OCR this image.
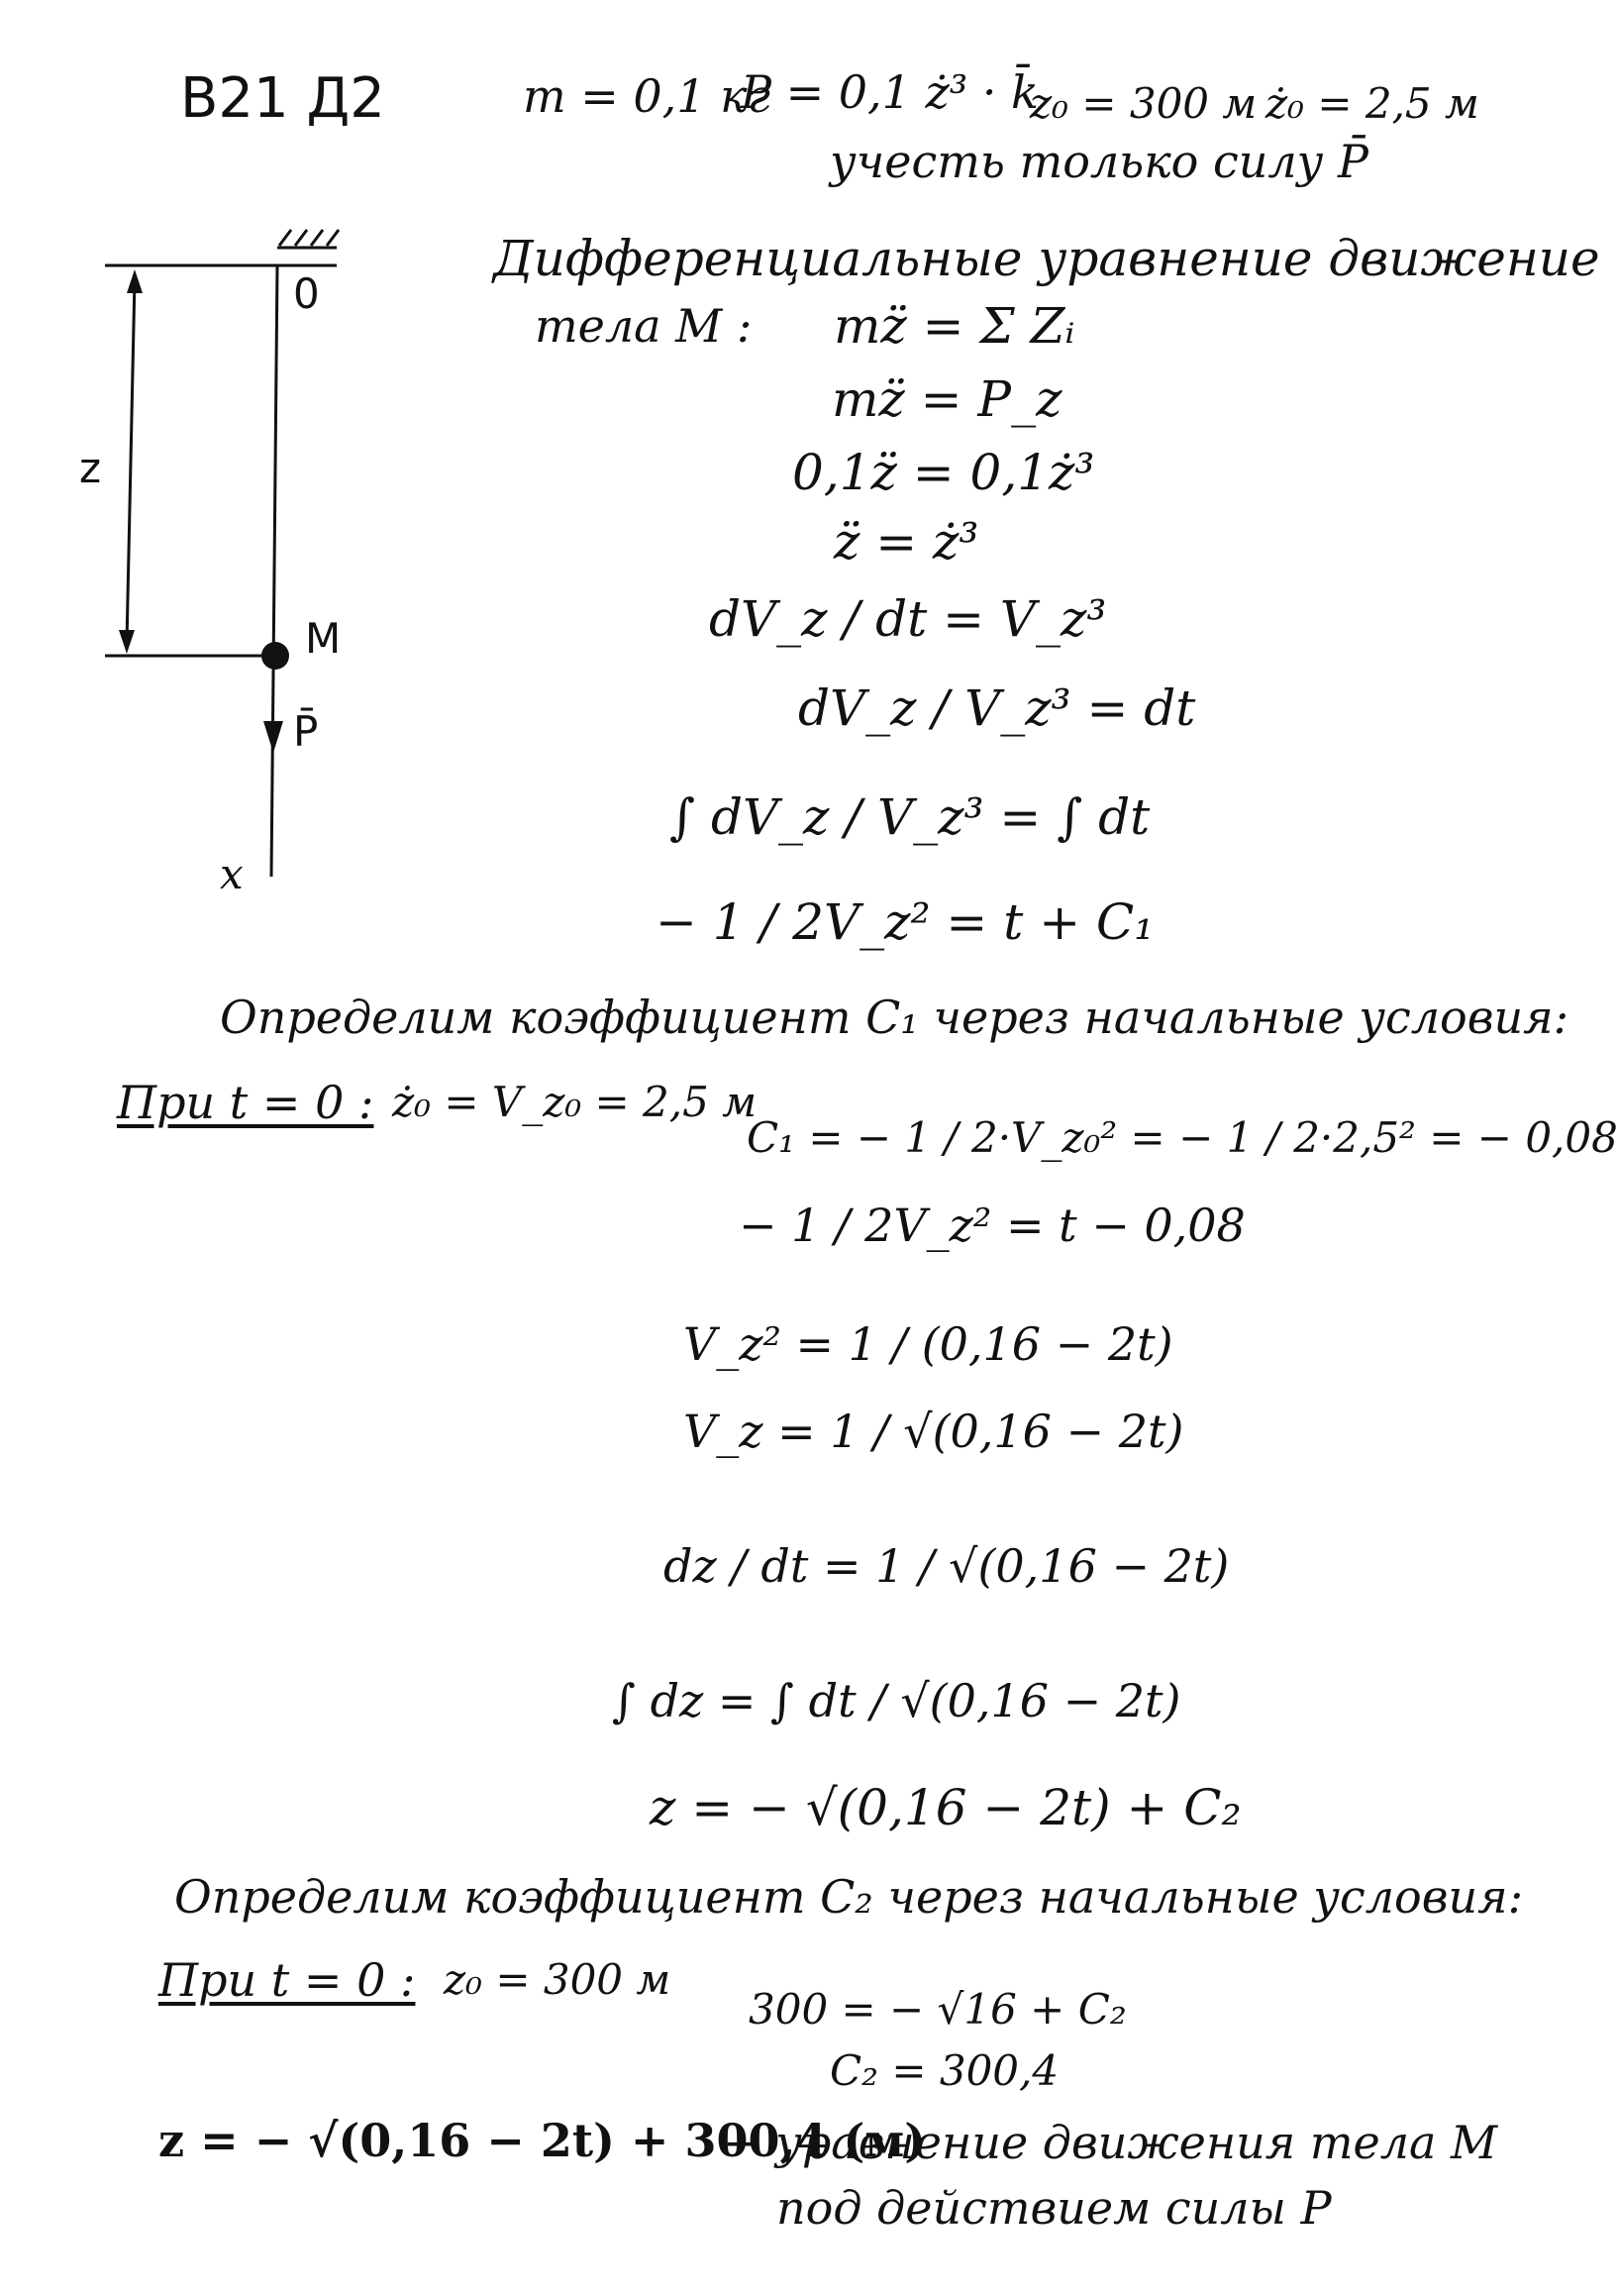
B21 Д2	m = 0,1 кг
P = 0,1 ż³ · k̄
z₀ = 300 м ż₀ = 2,5 м
учесть только силу P̄
0
z
M
P̄
x
Дифференциальные уравнение движение
тела M : mz̈ = Σ Zᵢ
mz̈ = P_z
0,1z̈ = 0,1ż³
z̈ = ż³
dV_z / dt = V_z³
dV_z / V_z³ = dt
∫ dV_z / V_z³ = ∫ dt
− 1 / 2V_z² = t + C₁
Определим коэффициент C₁ через начальные условия:
При t = 0 : ż₀ = V_z₀ = 2,5 м
C₁ = − 1 / 2·V_z₀² = − 1 / 2·2,5² = − 0,08
− 1 / 2V_z² = t − 0,08
V_z² = 1 / (0,16 − 2t)
V_z = 1 / √(0,16 − 2t)
dz / dt = 1 / √(0,16 − 2t)
∫ dz = ∫ dt / √(0,16 − 2t)
z = − √(0,16 − 2t) + C₂
Определим коэффициент C₂ через начальные условия:
При t = 0 : z₀ = 300 м
300 = − √16 + C₂
C₂ = 300,4
z = − √(0,16 − 2t) + 300,4 (м)
− уравнение движения тела M
под действием силы P
